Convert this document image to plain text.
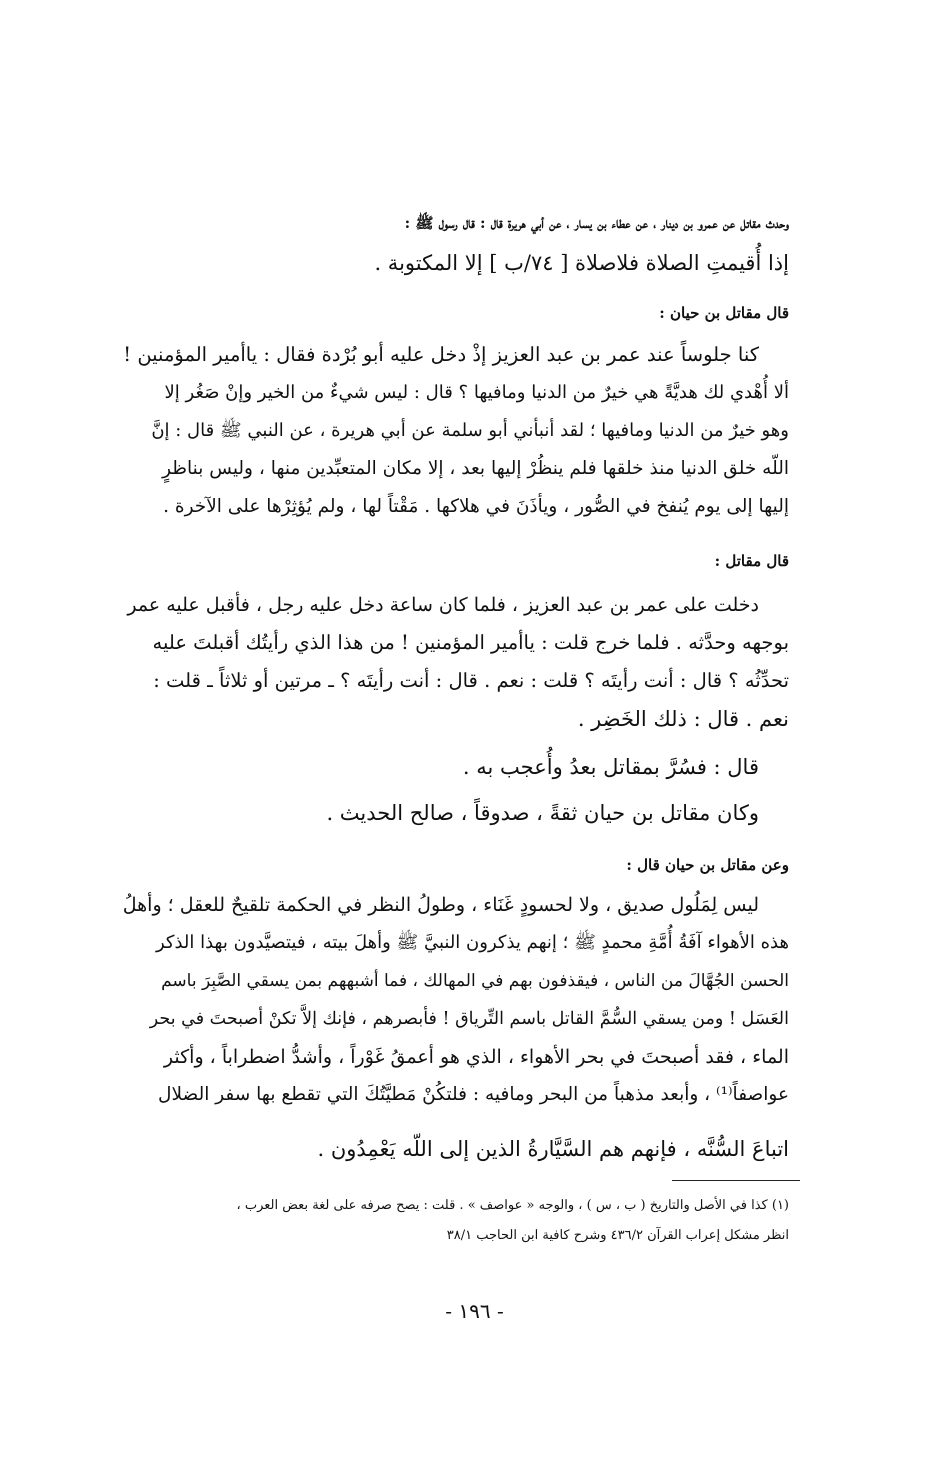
وحدث مقاتل عن عمرو بن دينار ، عن عطاء بن يسار ، عن أبي هريرة قال : قال رسول ﷺ :
إذا أُقيمتِ الصلاة فلاصلاة [ ٧٤/ب ] إلا المكتوبة .
قال مقاتل بن حيان :
كنا جلوساً عند عمر بن عبد العزيز إذْ دخل عليه أبو بُرْدة فقال : ياأمير المؤمنين !
ألا أُهْدي لك هديَّةً هي خيرٌ من الدنيا ومافيها ؟ قال : ليس شيءٌ من الخير وإنْ صَغُر إلا
وهو خيرٌ من الدنيا ومافيها ؛ لقد أنبأني أبو سلمة عن أبي هريرة ، عن النبي ﷺ قال : إنَّ
اللّه خلق الدنيا منذ خلقها فلم ينظُرْ إليها بعد ، إلا مكان المتعبِّدين منها ، وليس بناظرٍ
إليها إلى يوم يُنفخ في الصُّور ، ويأذَنَ في هلاكها . مَقْتاً لها ، ولم يُؤثِرْها على الآخرة .
قال مقاتل :
دخلت على عمر بن عبد العزيز ، فلما كان ساعة دخل عليه رجل ، فأقبل عليه عمر
بوجهه وحدَّثه . فلما خرج قلت : ياأمير المؤمنين ! من هذا الذي رأيتُك أقبلتَ عليه
تحدِّثُه ؟ قال : أنت رأيتَه ؟ قلت : نعم . قال : أنت رأيتَه ؟ ـ مرتين أو ثلاثاً ـ قلت :
نعم . قال : ذلك الخَضِر .
قال : فسُرَّ بمقاتل بعدُ وأُعجب به .
وكان مقاتل بن حيان ثقةً ، صدوقاً ، صالح الحديث .
وعن مقاتل بن حيان قال :
ليس لِمَلُول صديق ، ولا لحسودٍ غَنَاء ، وطولُ النظر في الحكمة تلقيحٌ للعقل ؛ وأهلُ
هذه الأهواء آفَةُ أُمَّةِ محمدٍ ﷺ ؛ إنهم يذكرون النبيَّ ﷺ وأهلَ بيته ، فيتصيَّدون بهذا الذكر
الحسن الجُهَّالَ من الناس ، فيقذفون بهم في المهالك ، فما أشبههم بمن يسقي الصَّبِرَ باسم
العَسَل ! ومن يسقي السُّمَّ القاتل باسم التِّرياق ! فأبصرهم ، فإنك إلاَّ تكنْ أصبحتَ في بحر
الماء ، فقد أصبحتَ في بحر الأهواء ، الذي هو أعمقُ غَوْراً ، وأشدُّ اضطراباً ، وأكثر
عواصفاً⁽¹⁾ ، وأبعد مذهباً من البحر ومافيه : فلتكُنْ مَطيَّتُكَ التي تقطع بها سفر الضلال
اتباعَ السُّنَّه ، فإنهم هم السَّيَّارةُ الذين إلى اللّه يَعْمِدُون .
(١) كذا في الأصل والتاريخ ( ب ، س ) ، والوجه « عواصف » . قلت : يصح صرفه على لغة بعض العرب ،
انظر مشكل إعراب القرآن ٤٣٦/٢ وشرح كافية ابن الحاجب ٣٨/١
- ١٩٦ -
